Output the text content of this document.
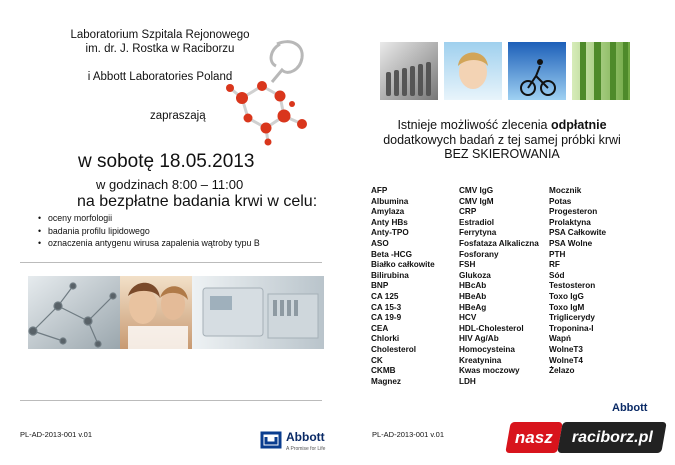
Laboratorium Szpitala Rejonowego
im. dr. J. Rostka w Raciborzu
i Abbott Laboratories Poland
zapraszają
w sobotę 18.05.2013
w godzinach 8:00 – 11:00
na bezpłatne badania krwi w celu:
• oceny morfologii
• badania profilu lipidowego
• oznaczenia antygenu wirusa zapalenia wątroby typu B
PL-AD-2013-001 v.01	Abbott
A Promise for Life
Istnieje możliwość zlecenia odpłatnie
dodatkowych badań z tej samej próbki krwi
BEZ SKIEROWANIA
AFP
Albumina
Amylaza
Anty HBs
Anty-TPO
ASO
Beta -HCG
Białko całkowite
Bilirubina
BNP
CA 125
CA 15-3
CA 19-9
CEA
Chlorki
Cholesterol
CK
CKMB
Magnez
CMV IgG
CMV IgM
CRP
Estradiol
Ferrytyna
Fosfataza Alkaliczna
Fosforany
FSH
Glukoza
HBcAb
HBeAb
HBeAg
HCV
HDL-Cholesterol
HIV Ag/Ab
Homocysteina
Kreatynina
Kwas moczowy
LDH
Mocznik
Potas
Progesteron
Prolaktyna
PSA Całkowite
PSA Wolne
PTH
RF
Sód
Testosteron
Toxo IgG
Toxo IgM
Triglicerydy
Troponina-I
Wapń
WolneT3
WolneT4
Żelazo
PL-AD-2013-001 v.01
Abbott
nasz raciborz.pl
